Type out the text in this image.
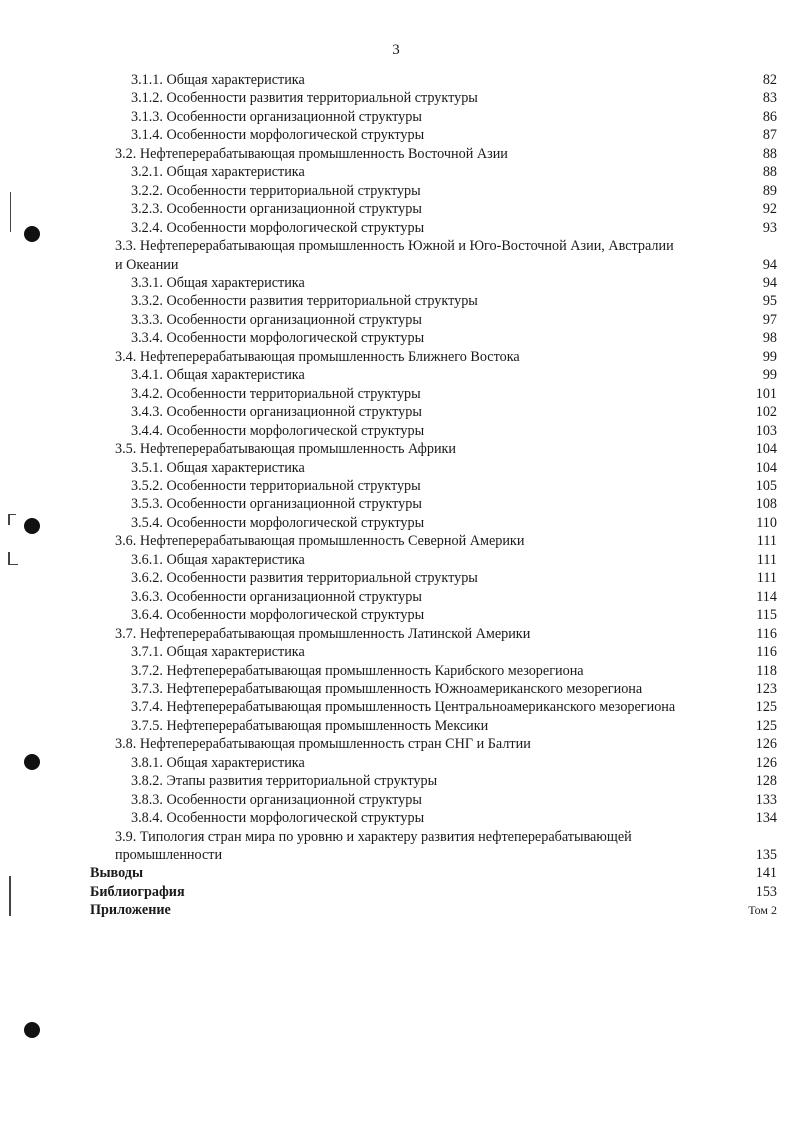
3
3.1.1. Общая характеристика	82
3.1.2. Особенности развития территориальной структуры	83
3.1.3. Особенности организационной структуры	86
3.1.4. Особенности морфологической структуры	87
3.2. Нефтеперерабатывающая промышленность Восточной Азии	88
3.2.1. Общая характеристика	88
3.2.2. Особенности территориальной структуры	89
3.2.3. Особенности организационной структуры	92
3.2.4. Особенности морфологической структуры	93
3.3. Нефтеперерабатывающая промышленность Южной и Юго-Восточной Азии, Австралии и Океании	94
3.3.1. Общая характеристика	94
3.3.2. Особенности развития территориальной структуры	95
3.3.3. Особенности организационной структуры	97
3.3.4. Особенности морфологической структуры	98
3.4. Нефтеперерабатывающая промышленность Ближнего Востока	99
3.4.1. Общая характеристика	99
3.4.2. Особенности территориальной структуры	101
3.4.3. Особенности организационной структуры	102
3.4.4. Особенности морфологической структуры	103
3.5. Нефтеперерабатывающая промышленность Африки	104
3.5.1. Общая характеристика	104
3.5.2. Особенности территориальной структуры	105
3.5.3. Особенности организационной структуры	108
3.5.4. Особенности морфологической структуры	110
3.6. Нефтеперерабатывающая промышленность Северной Америки	111
3.6.1. Общая характеристика	111
3.6.2. Особенности развития территориальной структуры	111
3.6.3. Особенности организационной структуры	114
3.6.4. Особенности морфологической структуры	115
3.7. Нефтеперерабатывающая промышленность Латинской Америки	116
3.7.1. Общая характеристика	116
3.7.2. Нефтеперерабатывающая промышленность Карибского мезорегиона	118
3.7.3. Нефтеперерабатывающая промышленность Южноамериканского мезорегиона	123
3.7.4. Нефтеперерабатывающая промышленность Центральноамериканского мезорегиона	125
3.7.5. Нефтеперерабатывающая промышленность Мексики	125
3.8. Нефтеперерабатывающая промышленность стран СНГ и Балтии	126
3.8.1. Общая характеристика	126
3.8.2. Этапы развития территориальной структуры	128
3.8.3. Особенности организационной структуры	133
3.8.4. Особенности морфологической структуры	134
3.9. Типология стран мира по уровню и характеру развития нефтеперерабатывающей промышленности	135
Выводы	141
Библиография	153
Приложение	Том 2
